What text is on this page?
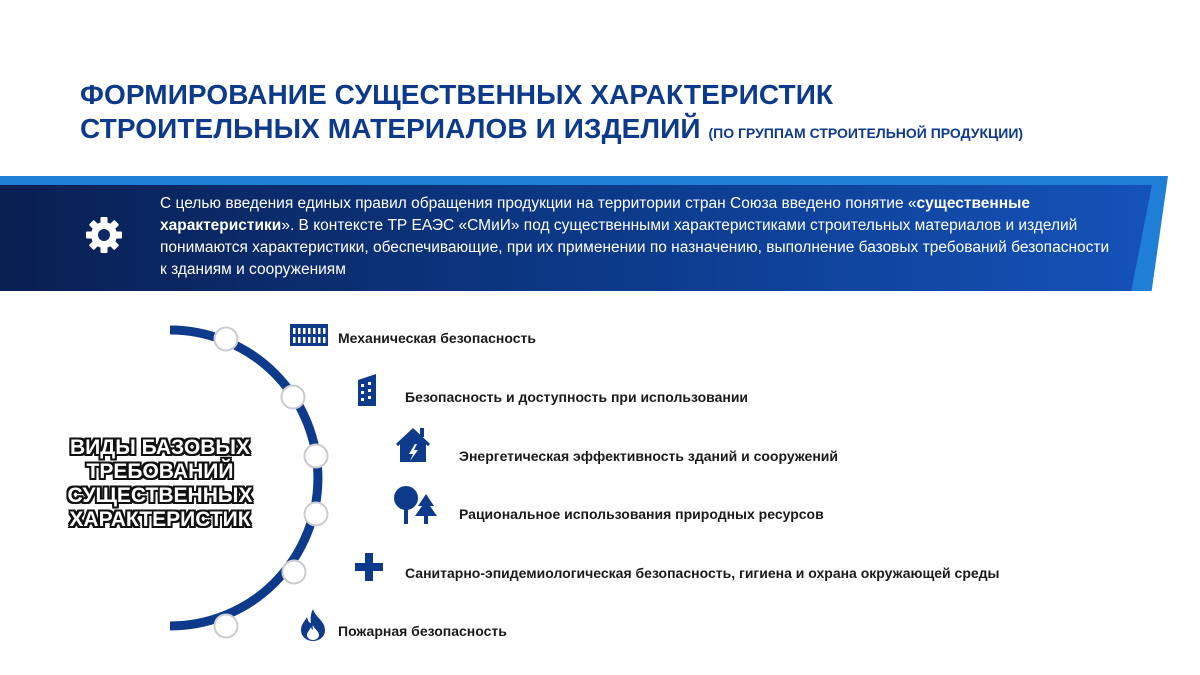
ФОРМИРОВАНИЕ СУЩЕСТВЕННЫХ ХАРАКТЕРИСТИК
СТРОИТЕЛЬНЫХ МАТЕРИАЛОВ И ИЗДЕЛИЙ (ПО ГРУППАМ СТРОИТЕЛЬНОЙ ПРОДУКЦИИ)
С целью введения единых правил обращения продукции на территории стран Союза введено понятие «существенные характеристики». В контексте ТР ЕАЭС «СМиИ» под существенными характеристиками строительных материалов и изделий понимаются характеристики, обеспечивающие, при их применении по назначению, выполнение базовых требований безопасности к зданиям и сооружениям
ВИДЫ БАЗОВЫХ ТРЕБОВАНИЙ СУЩЕСТВЕННЫХ ХАРАКТЕРИСТИК
Механическая безопасность
Безопасность и доступность при использовании
Энергетическая эффективность зданий и сооружений
Рациональное использования природных ресурсов
Санитарно-эпидемиологическая безопасность, гигиена и охрана окружающей среды
Пожарная безопасность
